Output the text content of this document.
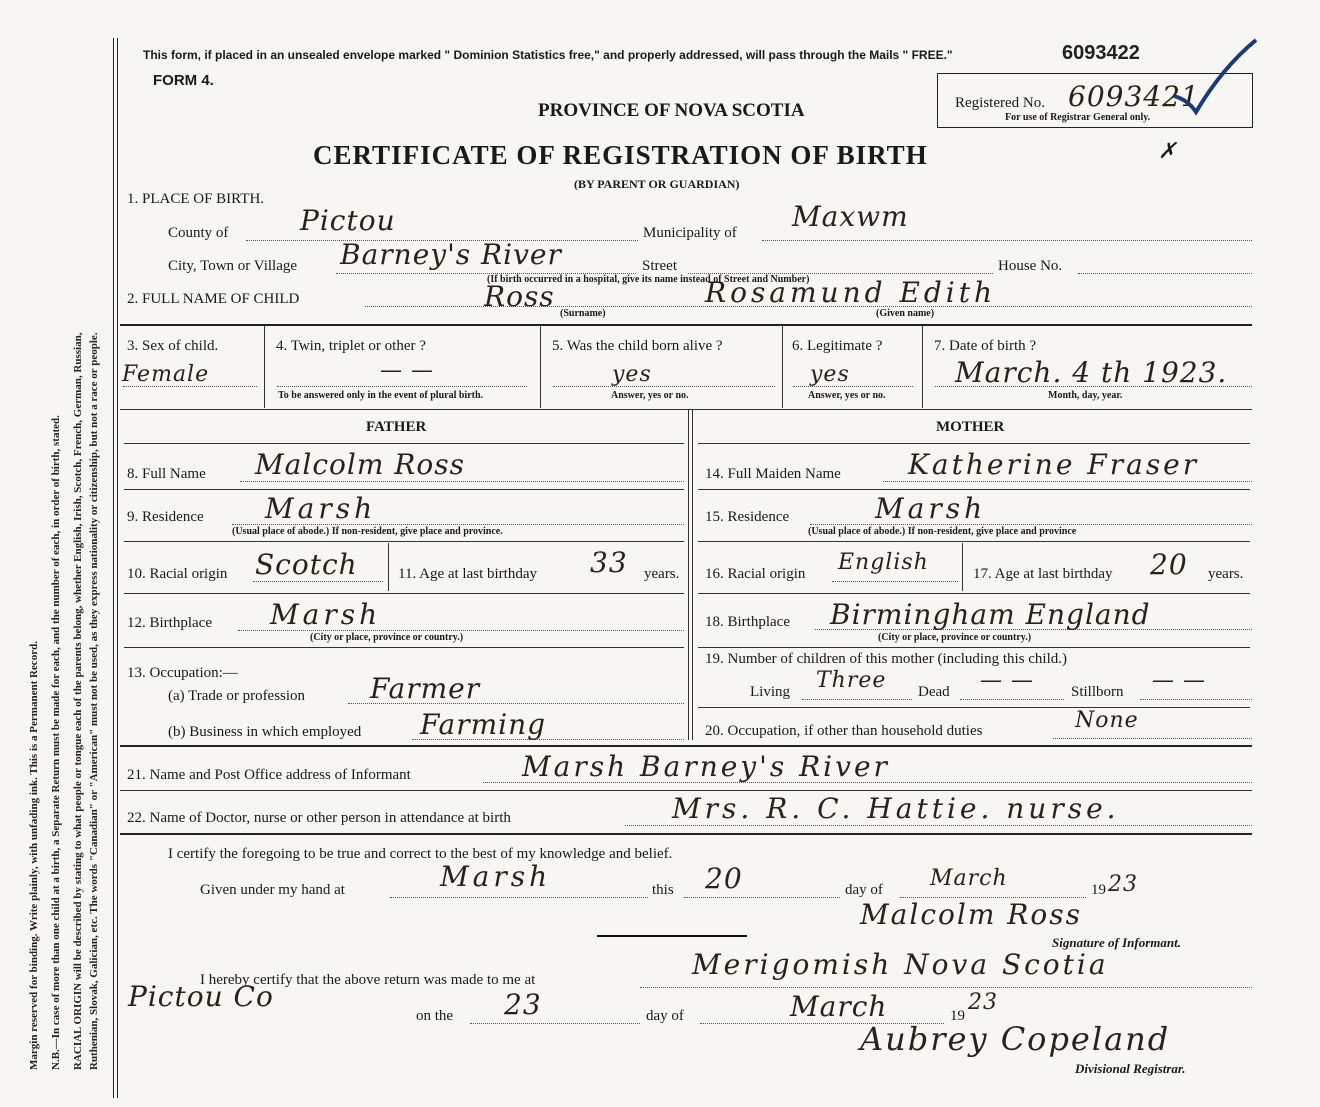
Margin reserved for binding. Write plainly, with unfading ink. This is a Permanent Record. N.B.—In case of more than one child at a birth, a Separate Return must be made for each, and the number of each, in order of birth, stated. RACIAL ORIGIN will be described by stating to what people or tongue each of the parents belong, whether English, Irish, Scotch, French, German, Russian, Ruthenian, Slovak, Galician, etc. The words "Canadian" or "American" must not be used, as they express nationality or citizenship, but not a race or people.
This form, if placed in an unsealed envelope marked " Dominion Statistics free," and properly addressed, will pass through the Mails " FREE."	6093422
FORM 4.
PROVINCE OF NOVA SCOTIA
CERTIFICATE OF REGISTRATION OF BIRTH
(BY PARENT OR GUARDIAN)
Registered No. 6093421
For use of Registrar General only.
✗
1. PLACE OF BIRTH.
County of	Pictou	Municipality of Maxwm
City, Town or Village Barney's River	Street	House No.
(If birth occurred in a hospital, give its name instead of Street and Number)
2. FULL NAME OF CHILD	Ross	Rosamund Edith
(Surname)	(Given name)
3. Sex of child.
Female
4. Twin, triplet or other ?
— —
To be answered only in the event of plural birth.
5. Was the child born alive ?
yes
Answer, yes or no.
6. Legitimate ?
yes
Answer, yes or no.
7. Date of birth ?
March. 4 th 1923.
Month, day, year.
FATHER	MOTHER
8. Full Name Malcolm Ross	14. Full Maiden Name Katherine Fraser
9. Residence Marsh
(Usual place of abode.) If non-resident, give place and province.
15. Residence	Marsh
(Usual place of abode.) If non-resident, give place and province
10. Racial origin Scotch	11. Age at last birthday 33 years. 16. Racial origin English	17. Age at last birthday 20 years.
12. Birthplace Marsh
(City or place, province or country.)
18. Birthplace Birmingham England
(City or place, province or country.)
13. Occupation:—
(a) Trade or profession Farmer
19. Number of children of this mother (including this child.)
Living Three Dead — — Stillborn — —
(b) Business in which employed Farming	20. Occupation, if other than household duties	None
21. Name and Post Office address of Informant	Marsh Barney's River
22. Name of Doctor, nurse or other person in attendance at birth	Mrs. R. C. Hattie. nurse.
I certify the foregoing to be true and correct to the best of my knowledge and belief.
Given under my hand at	Marsh	this 20	day of March	19 23
Malcolm Ross
Signature of Informant.
I hereby certify that the above return was made to me at	Merigomish Nova Scotia
Pictou Co
on the 23	day of	March	19
23
Aubrey Copeland
Divisional Registrar.
